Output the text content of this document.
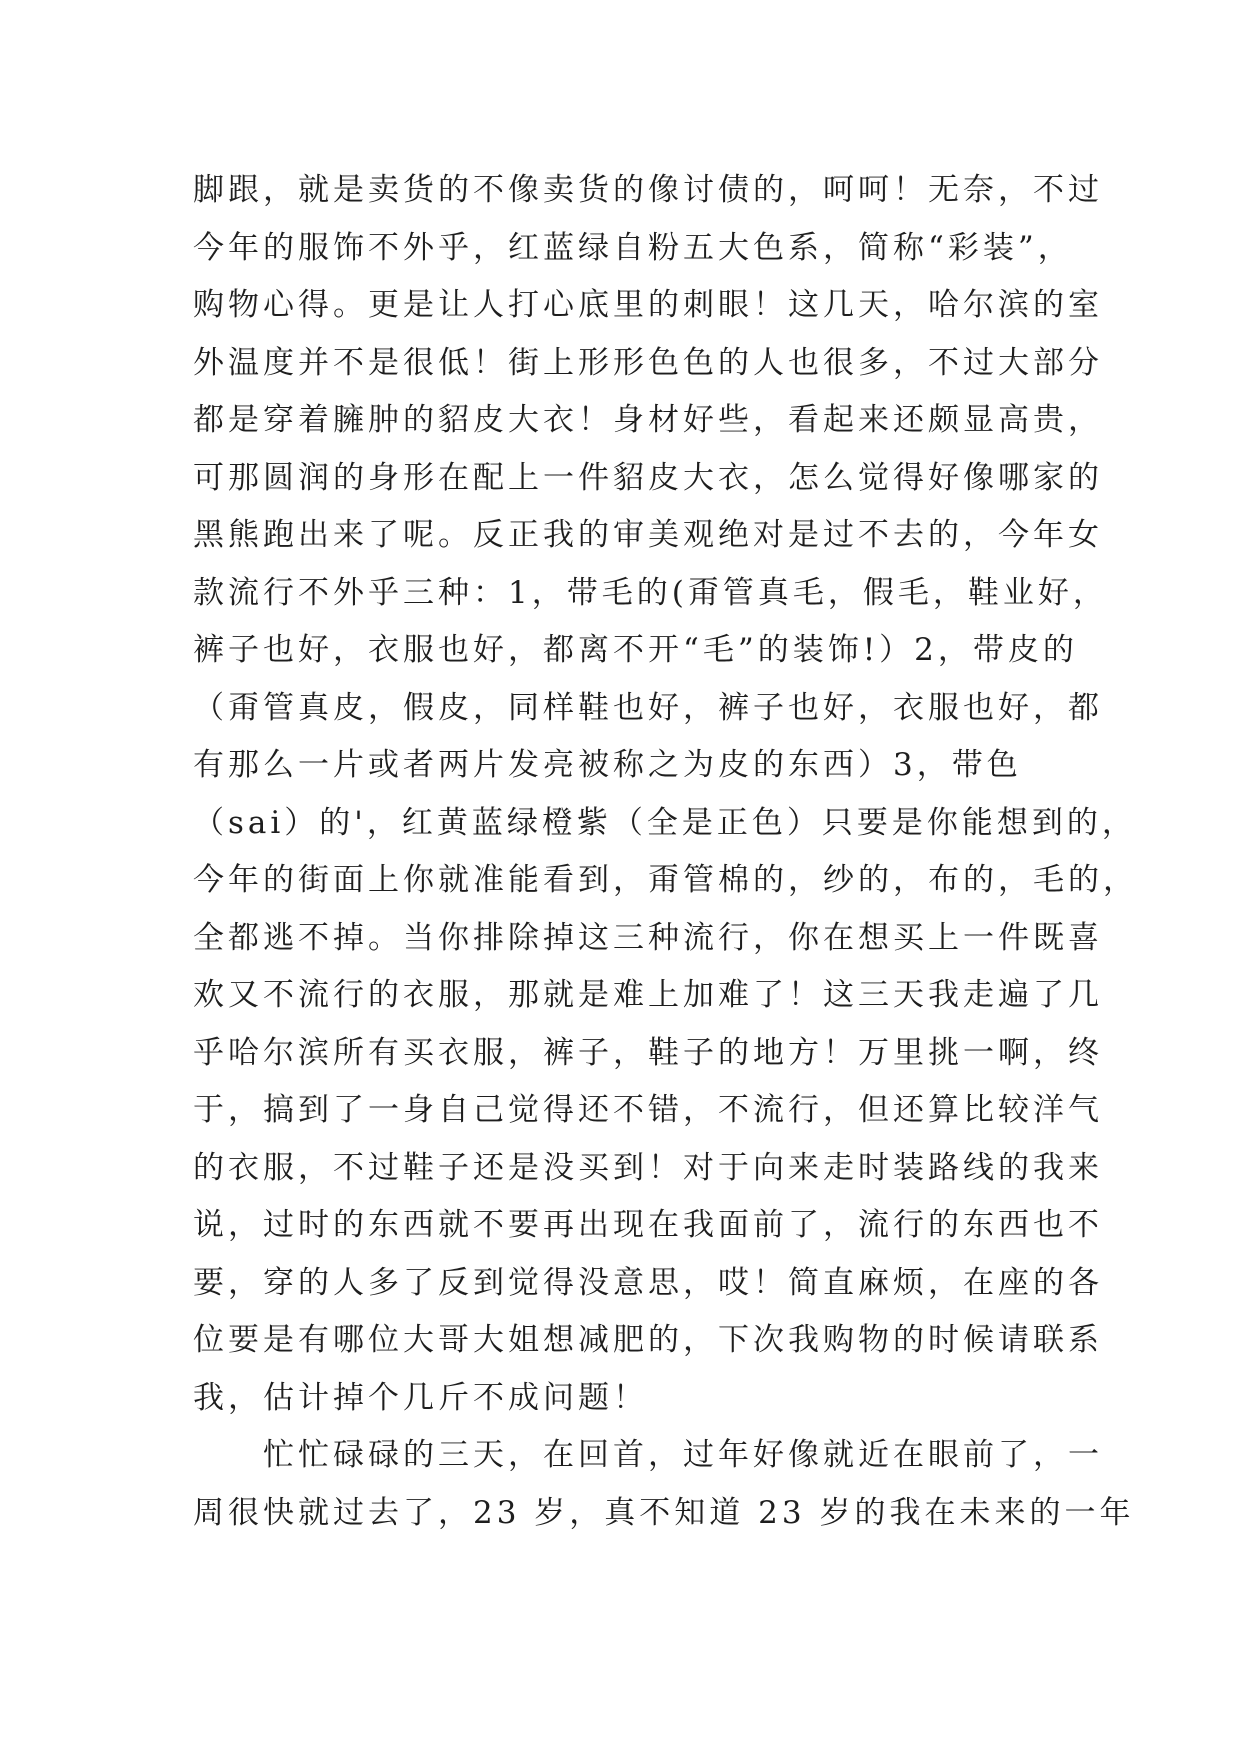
脚跟，就是卖货的不像卖货的像讨债的，呵呵！无奈，不过
今年的服饰不外乎，红蓝绿自粉五大色系，简称“彩装”，
购物心得。更是让人打心底里的刺眼！这几天，哈尔滨的室
外温度并不是很低！街上形形色色的人也很多，不过大部分
都是穿着臃肿的貂皮大衣！身材好些，看起来还颇显高贵，
可那圆润的身形在配上一件貂皮大衣，怎么觉得好像哪家的
黑熊跑出来了呢。反正我的审美观绝对是过不去的，今年女
款流行不外乎三种：1，带毛的(甭管真毛，假毛，鞋业好，
裤子也好，衣服也好，都离不开“毛”的装饰!）2，带皮的
（甭管真皮，假皮，同样鞋也好，裤子也好，衣服也好，都
有那么一片或者两片发亮被称之为皮的东西）3，带色
（sai）的'，红黄蓝绿橙紫（全是正色）只要是你能想到的，
今年的街面上你就准能看到，甭管棉的，纱的，布的，毛的，
全都逃不掉。当你排除掉这三种流行，你在想买上一件既喜
欢又不流行的衣服，那就是难上加难了！这三天我走遍了几
乎哈尔滨所有买衣服，裤子，鞋子的地方！万里挑一啊，终
于，搞到了一身自己觉得还不错，不流行，但还算比较洋气
的衣服，不过鞋子还是没买到！对于向来走时装路线的我来
说，过时的东西就不要再出现在我面前了，流行的东西也不
要，穿的人多了反到觉得没意思，哎！简直麻烦，在座的各
位要是有哪位大哥大姐想减肥的，下次我购物的时候请联系
我，估计掉个几斤不成问题！
　　忙忙碌碌的三天，在回首，过年好像就近在眼前了，一
周很快就过去了，23 岁，真不知道 23 岁的我在未来的一年
